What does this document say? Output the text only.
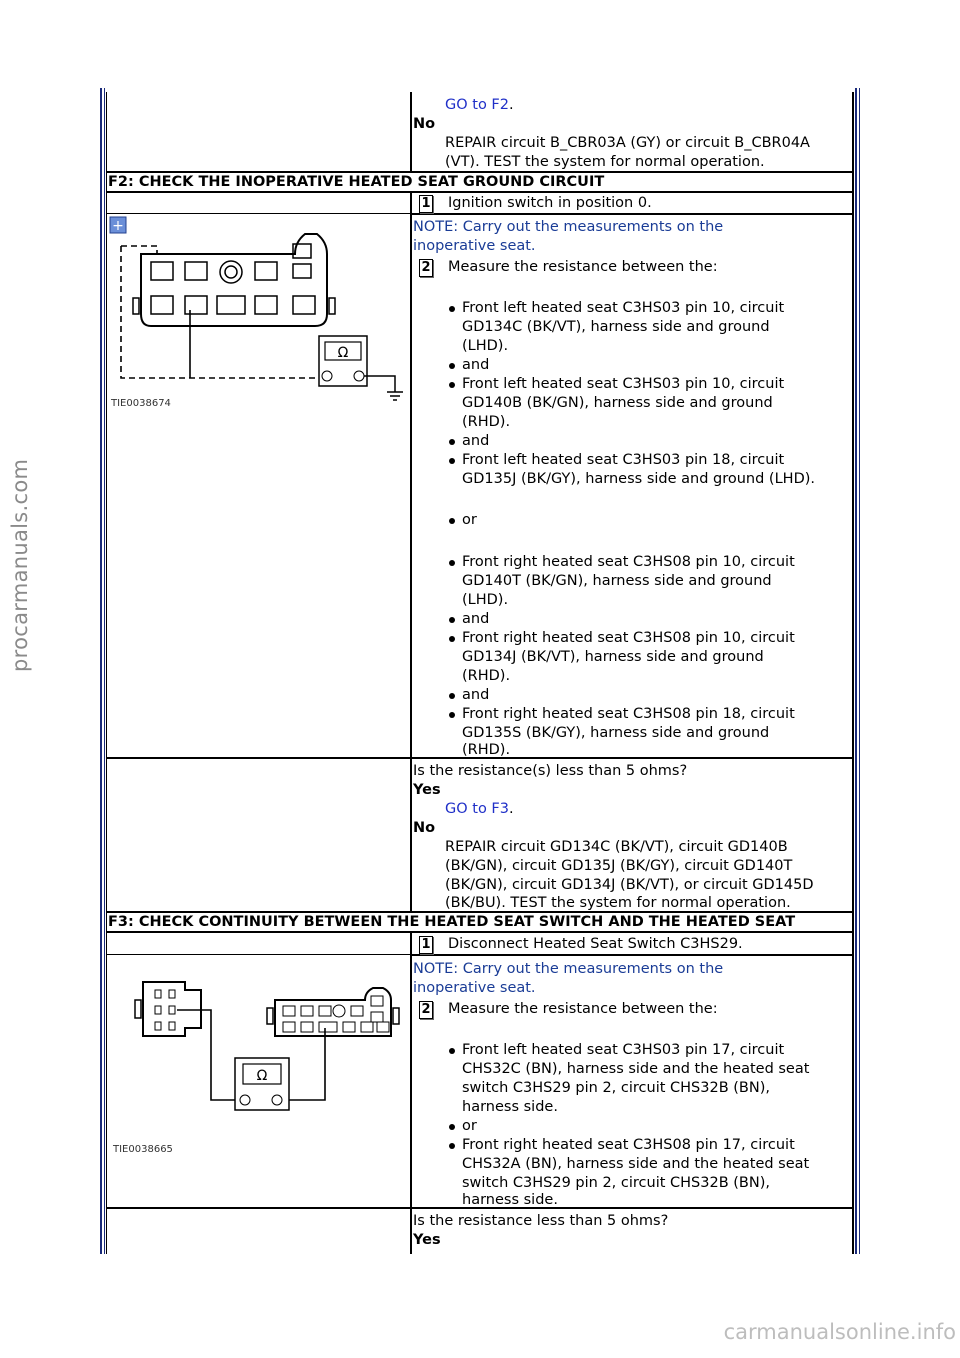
procarmanuals.com
carmanualsonline.info
GO to F2.
No
REPAIR circuit B_CBR03A (GY) or circuit B_CBR04A
(VT). TEST the system for normal operation.
F2: CHECK THE INOPERATIVE HEATED SEAT GROUND CIRCUIT
1 Ignition switch in position 0.
+
Ω
TIE0038674
NOTE: Carry out the measurements on the
inoperative seat.
2 Measure the resistance between the:
Front left heated seat C3HS03 pin 10, circuit
GD134C (BK/VT), harness side and ground
(LHD).
and
Front left heated seat C3HS03 pin 10, circuit
GD140B (BK/GN), harness side and ground
(RHD).
and
Front left heated seat C3HS03 pin 18, circuit
GD135J (BK/GY), harness side and ground (LHD).
or
Front right heated seat C3HS08 pin 10, circuit
GD140T (BK/GN), harness side and ground
(LHD).
and
Front right heated seat C3HS08 pin 10, circuit
GD134J (BK/VT), harness side and ground
(RHD).
and
Front right heated seat C3HS08 pin 18, circuit
GD135S (BK/GY), harness side and ground
(RHD).
Is the resistance(s) less than 5 ohms?
Yes
GO to F3.
No
REPAIR circuit GD134C (BK/VT), circuit GD140B
(BK/GN), circuit GD135J (BK/GY), circuit GD140T
(BK/GN), circuit GD134J (BK/VT), or circuit GD145D
(BK/BU). TEST the system for normal operation.
F3: CHECK CONTINUITY BETWEEN THE HEATED SEAT SWITCH AND THE HEATED SEAT
1 Disconnect Heated Seat Switch C3HS29.
Ω
TIE0038665
NOTE: Carry out the measurements on the
inoperative seat.
2 Measure the resistance between the:
Front left heated seat C3HS03 pin 17, circuit
CHS32C (BN), harness side and the heated seat
switch C3HS29 pin 2, circuit CHS32B (BN),
harness side.
or
Front right heated seat C3HS08 pin 17, circuit
CHS32A (BN), harness side and the heated seat
switch C3HS29 pin 2, circuit CHS32B (BN),
harness side.
Is the resistance less than 5 ohms?
Yes
